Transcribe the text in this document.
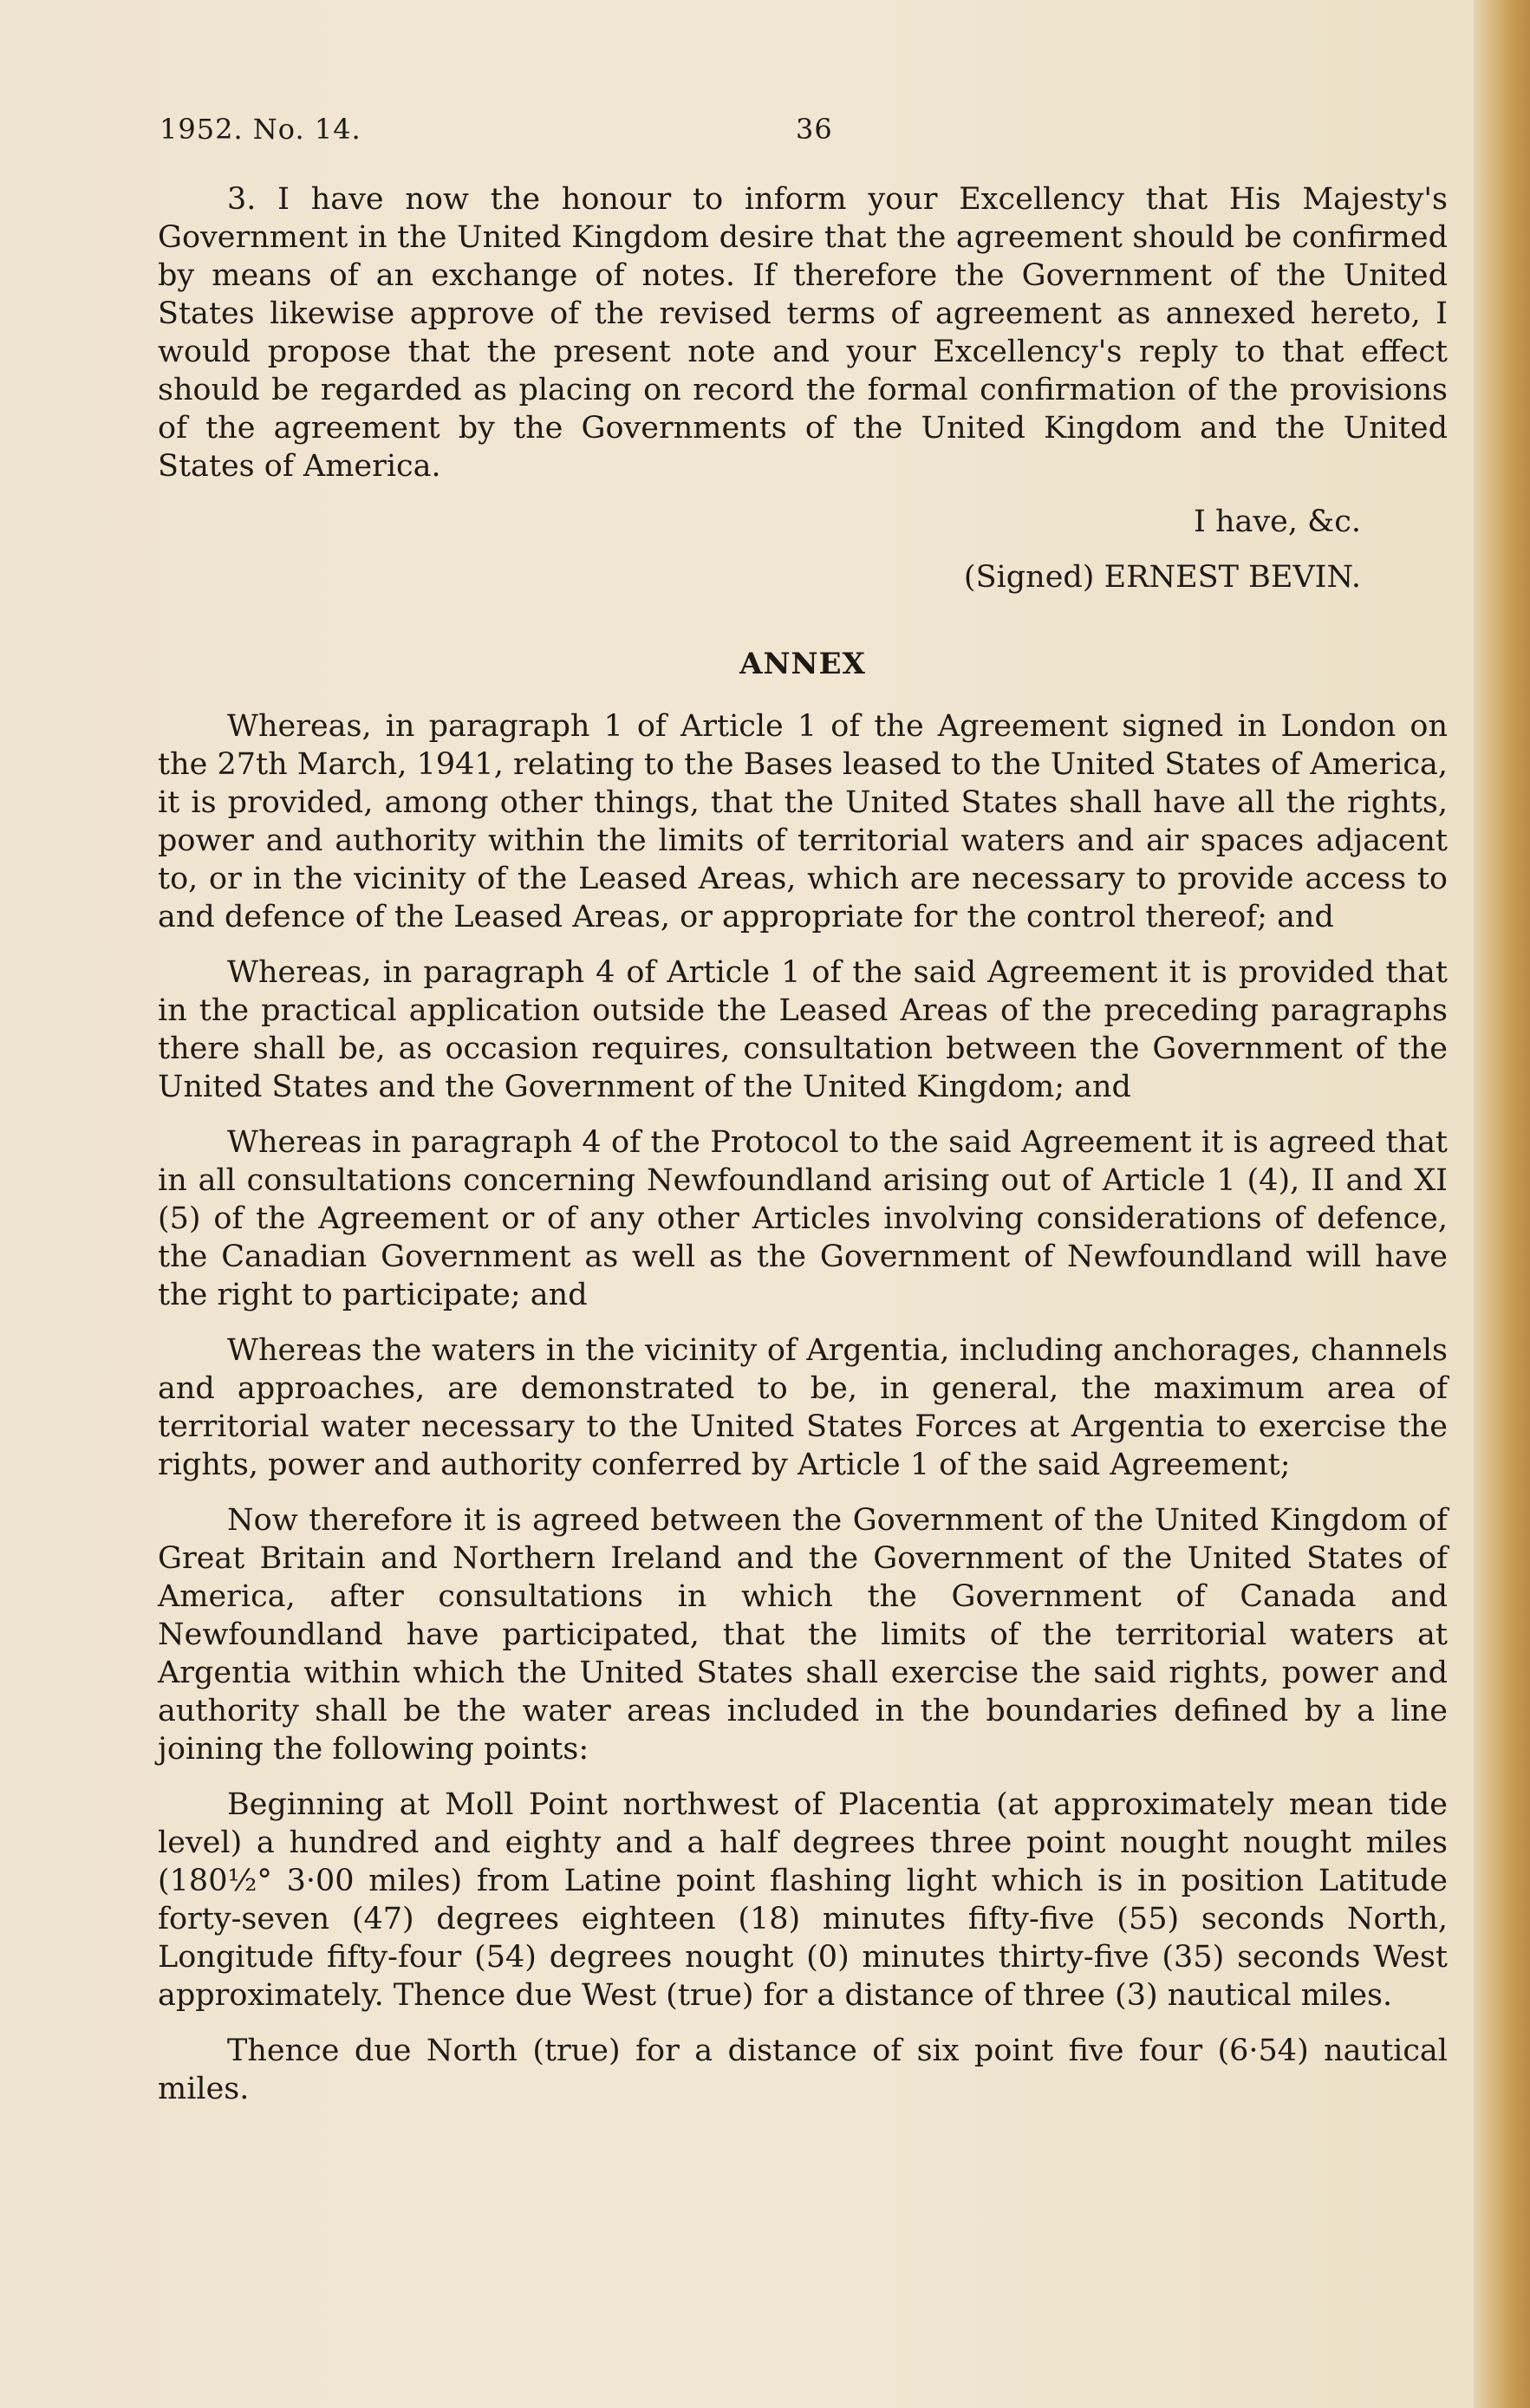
1952. No. 14.	36

3. I have now the honour to inform your Excellency that His Majesty's Government in the United Kingdom desire that the agreement should be confirmed by means of an exchange of notes. If therefore the Government of the United States likewise approve of the revised terms of agreement as annexed hereto, I would propose that the present note and your Excellency's reply to that effect should be regarded as placing on record the formal confirmation of the provisions of the agreement by the Governments of the United Kingdom and the United States of America.

I have, &c.

(Signed) ERNEST BEVIN.

ANNEX

Whereas, in paragraph 1 of Article 1 of the Agreement signed in London on the 27th March, 1941, relating to the Bases leased to the United States of America, it is provided, among other things, that the United States shall have all the rights, power and authority within the limits of territorial waters and air spaces adjacent to, or in the vicinity of the Leased Areas, which are necessary to provide access to and defence of the Leased Areas, or appropriate for the control thereof; and

Whereas, in paragraph 4 of Article 1 of the said Agreement it is provided that in the practical application outside the Leased Areas of the preceding paragraphs there shall be, as occasion requires, consultation between the Government of the United States and the Government of the United Kingdom; and

Whereas in paragraph 4 of the Protocol to the said Agreement it is agreed that in all consultations concerning Newfoundland arising out of Article 1 (4), II and XI (5) of the Agreement or of any other Articles involving considerations of defence, the Canadian Government as well as the Government of Newfoundland will have the right to participate; and

Whereas the waters in the vicinity of Argentia, including anchorages, channels and approaches, are demonstrated to be, in general, the maximum area of territorial water necessary to the United States Forces at Argentia to exercise the rights, power and authority conferred by Article 1 of the said Agreement;

Now therefore it is agreed between the Government of the United Kingdom of Great Britain and Northern Ireland and the Government of the United States of America, after consultations in which the Government of Canada and Newfoundland have participated, that the limits of the territorial waters at Argentia within which the United States shall exercise the said rights, power and authority shall be the water areas included in the boundaries defined by a line joining the following points:

Beginning at Moll Point northwest of Placentia (at approximately mean tide level) a hundred and eighty and a half degrees three point nought nought miles (180½° 3·00 miles) from Latine point flashing light which is in position Latitude forty-seven (47) degrees eighteen (18) minutes fifty-five (55) seconds North, Longitude fifty-four (54) degrees nought (0) minutes thirty-five (35) seconds West approximately. Thence due West (true) for a distance of three (3) nautical miles.

Thence due North (true) for a distance of six point five four (6·54) nautical miles.
